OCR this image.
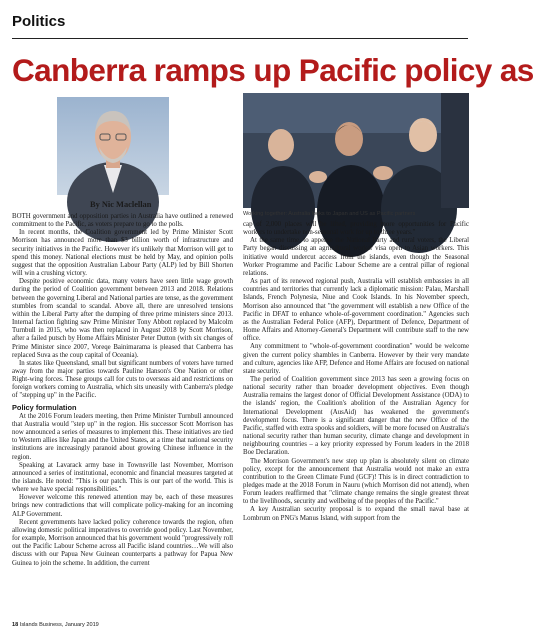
Politics
Canberra ramps up Pacific policy as
By Nic Maclellan
Working together: Australia looks to Japan and US as Pacific partners

BOTH government and opposition parties in Australia have outlined a renewed commitment to the Pacific, as voters prepare to go to the polls.

In recent months, the Coalition government led by Prime Minister Scott Morrison has announced more than $3 billion worth of infrastructure and security initiatives in the Pacific. However it's unlikely that Morrison will get to spend this money. National elections must be held by May, and opinion polls suggest that the opposition Australian Labour Party (ALP) led by Bill Shorten will win a crushing victory.

Despite positive economic data, many voters have seen little wage growth during the period of Coalition government between 2013 and 2018. Relations between the governing Liberal and National parties are tense, as the government stumbles from scandal to scandal. Above all, there are unresolved tensions within the Liberal Party after the dumping of three prime ministers since 2013. Internal faction fighting saw Prime Minister Tony Abbott replaced by Malcolm Turnbull in 2015, who was then replaced in August 2018 by Scott Morrison, after a failed putsch by Home Affairs Minister Peter Dutton (with six changes of Prime Minister since 2007, Voreqe Bainimarama is pleased that Canberra has replaced Suva as the coup capital of Oceania).

In states like Queensland, small but significant numbers of voters have turned away from the major parties towards Pauline Hanson's One Nation or other Right-wing forces. These groups call for cuts to overseas aid and restrictions on foreign workers coming to Australia, which sits uneasily with Canberra's pledge of "stepping up" in the Pacific.

Policy formulation

At the 2016 Forum leaders meeting, then Prime Minister Turnbull announced that Australia would "step up" in the region. His successor Scott Morrison has now announced a series of measures to implement this. These initiatives are tied to Western allies like Japan and the United States, at a time that national security institutions are increasingly paranoid about growing Chinese influence in the region.

Speaking at Lavarack army base in Townsville last November, Morrison announced a series of institutional, economic and financial measures targeted at the islands. He noted: "This is our patch. This is our part of the world. This is where we have special responsibilities."

However welcome this renewed attention may be, each of these measures brings new contradictions that will complicate policy-making for an incoming ALP Government.

Recent governments have lacked policy coherence towards the region, often allowing domestic political imperatives to override good policy. Last November, for example, Morrison announced that his government would "progressively roll out the Pacific Labour Scheme across all Pacific island countries…We will also discuss with our Papua New Guinean counterparts a pathway for Papua New Guinea to join the scheme. In addition, the current

cap of 2,000 places will be lifted, providing more opportunities for Pacific workers to undertake non-seasonal work for up to three years."

At the same time, to appease the National Party and rural voters, the Liberal Party began discussing an agricultural worker visa open to Asian workers. This initiative would undercut access from the islands, even though the Seasonal Worker Programme and Pacific Labour Scheme are a central pillar of regional relations.

As part of its renewed regional push, Australia will establish embassies in all countries and territories that currently lack a diplomatic mission: Palau, Marshall Islands, French Polynesia, Niue and Cook Islands. In his November speech, Morrison also announced that "the government will establish a new Office of the Pacific in DFAT to enhance whole-of-government coordination." Agencies such as the Australian Federal Police (AFP), Department of Defence, Department of Home Affairs and Attorney-General's Department will contribute staff to the new office.

Any commitment to "whole-of-government coordination" would be welcome given the current policy shambles in Canberra. However by their very mandate and culture, agencies like AFP, Defence and Home Affairs are focused on national state security.

The period of Coalition government since 2013 has seen a growing focus on national security rather than broader development objectives. Even though Australia remains the largest donor of Official Development Assistance (ODA) to the islands' region, the Coalition's abolition of the Australian Agency for International Development (AusAid) has weakened the government's development focus. There is a significant danger that the new Office of the Pacific, staffed with extra spooks and soldiers, will be more focused on Australia's national security rather than human security, climate change and development in neighbouring countries – a key priority expressed by Forum leaders in the 2018 Boe Declaration.

The Morrison Government's new step up plan is absolutely silent on climate policy, except for the announcement that Australia would not make an extra contribution to the Green Climate Fund (GCF)! This is in direct contradiction to pledges made at the 2018 Forum in Nauru (which Morrison did not attend), when Forum leaders reaffirmed that "climate change remains the single greatest threat to the livelihoods, security and wellbeing of the peoples of the Pacific."

A key Australian security proposal is to expand the small naval base at Lombrum on PNG's Manus Island, with support from the

18 Islands Business, January 2019
